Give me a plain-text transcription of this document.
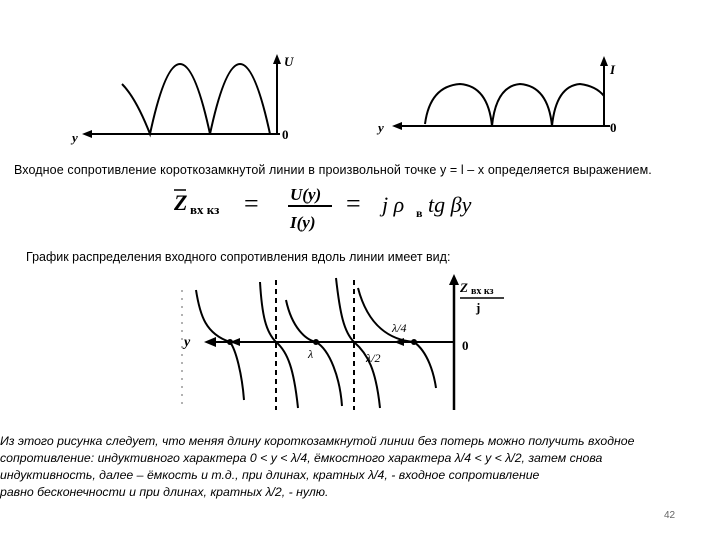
U
0
y
I
0
y
Входное сопротивление короткозамкнутой линии в произвольной точке y = l – x определяется выражением.
Z вх кз = U(y)
I(y)
= j ρ в tg βy
График распределения входного сопротивления вдоль линии имеет вид:
Z вх кз
j
0
y
λ	λ/2
λ/4
Из этого рисунка следует, что меняя длину короткозамкнутой линии без потерь можно получить входное
сопротивление: индуктивного характера 0 < y < λ/4, ёмкостного характера λ/4 < y < λ/2, затем снова
индуктивность, далее – ёмкость и т.д., при длинах, кратных λ/4, - входное сопротивление
равно бесконечности и при длинах, кратных λ/2, - нулю.
42
